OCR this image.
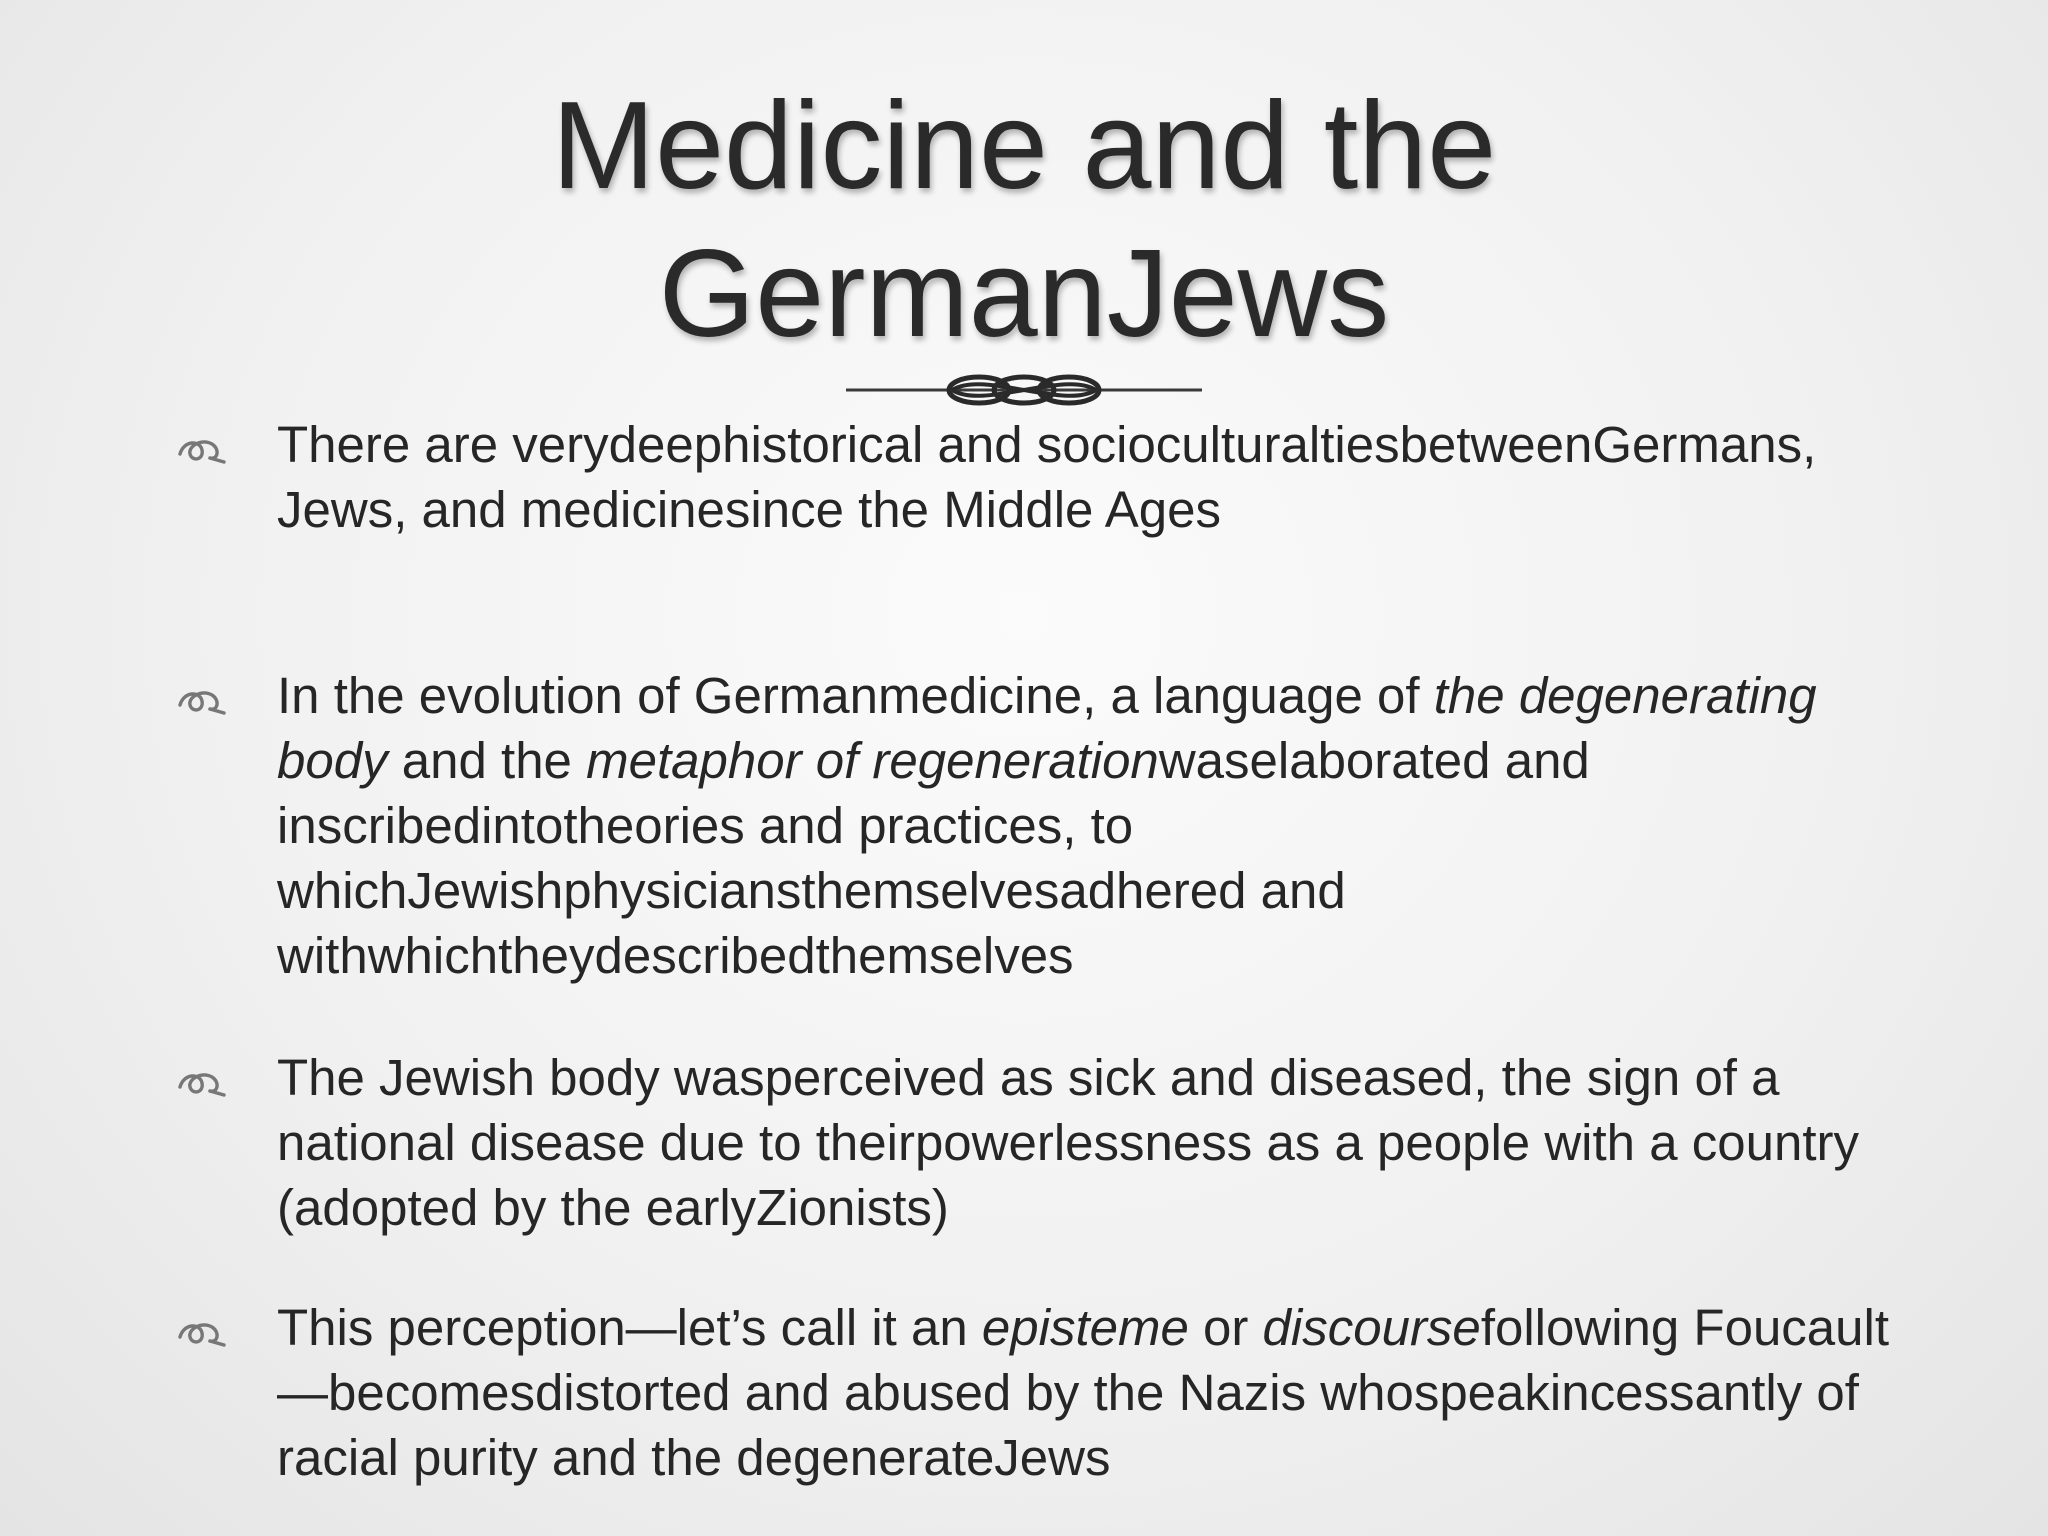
Medicine and the
GermanJews
There are verydeephistorical and socioculturaltiesbetweenGermans, Jews, and medicinesince the Middle Ages
In the evolution of Germanmedicine, a language of the degenerating body and the metaphor of regenerationwaselaborated and inscribedintotheories and practices, to whichJewishphysiciansthemselvesadhered and withwhichtheydescribedthemselves
The Jewish body wasperceived as sick and diseased, the sign of a national disease due to theirpowerlessness as a people with a country (adopted by the earlyZionists)
This perception—let’s call it an episteme or discoursefollowing Foucault—becomesdistorted and abused by the Nazis whospeakincessantly of racial purity and the degenerateJews
